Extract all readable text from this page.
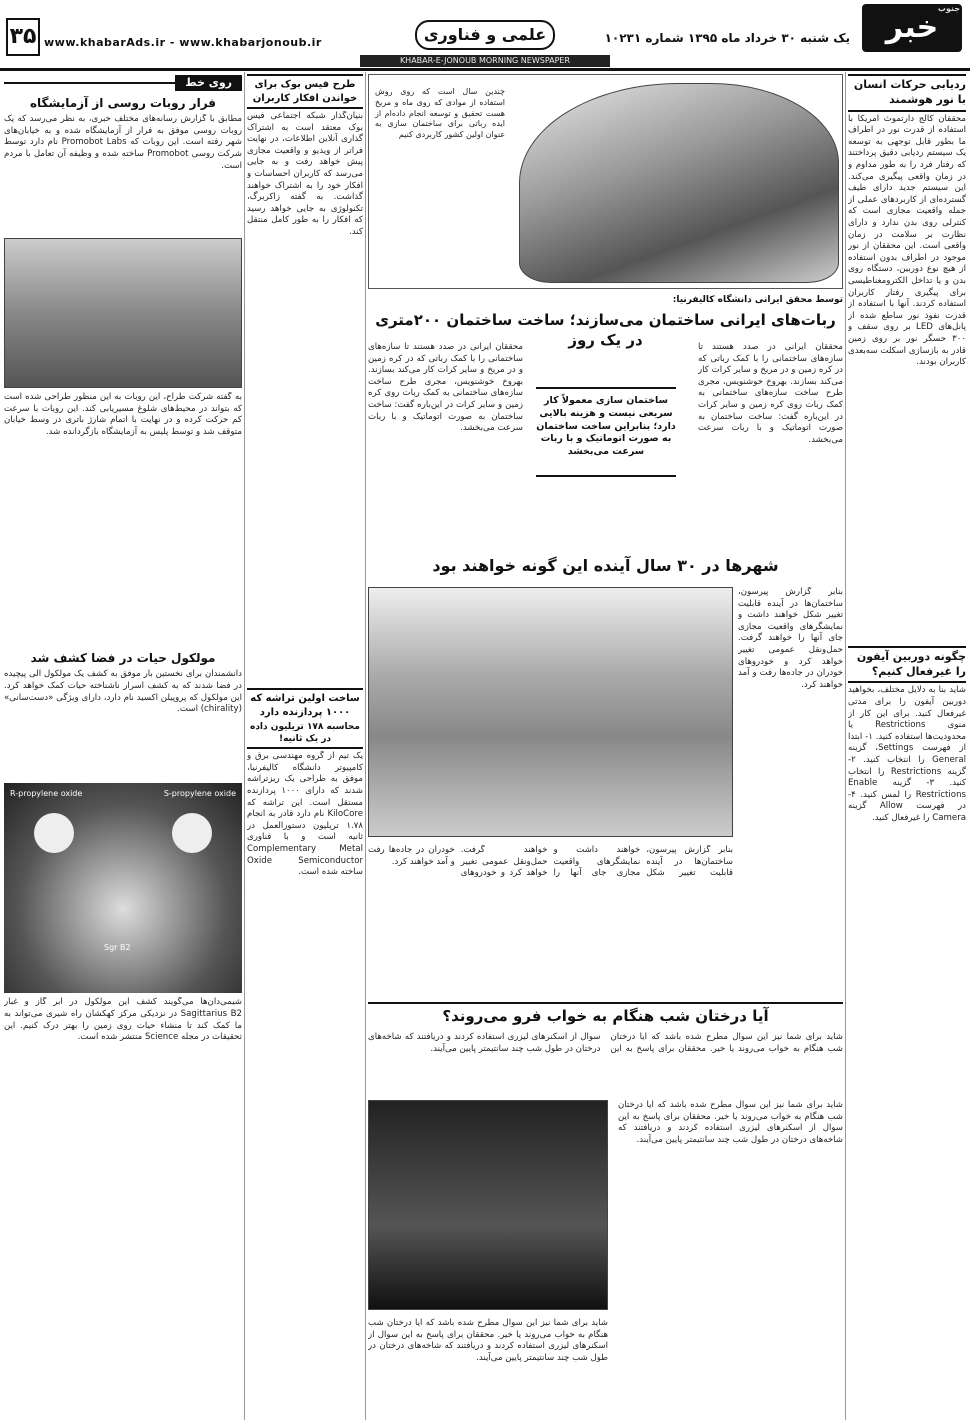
جنوب
خبر
یک شنبه ۳۰ خرداد ماه ۱۳۹۵ شماره ۱۰۲۳۱
علمی و فناوری
www.khabarAds.ir - www.khabarjonoub.ir
۳۵
KHABAR-E-JONOUB MORNING NEWSPAPER
ردیابی حرکات انسان با نور هوشمند
محققان کالج دارتموث آمریکا با استفاده از قدرت نور در اطراف ما بطور قابل توجهی به توسعه یک سیستم ردیابی دقیق پرداختند که رفتار فرد را به طور مداوم و در زمان واقعی پیگیری می‌کند. این سیستم جدید دارای طیف گسترده‌ای از کاربردهای عملی از جمله واقعیت مجازی است که کنترلی روی بدن ندارد و دارای نظارت بر سلامت در زمان واقعی است. این محققان از نور موجود در اطراف بدون استفاده از هیچ نوع دوربین، دستگاه روی بدن و یا تداخل الکترومغناطیسی برای پیگیری رفتار کاربران استفاده کردند. آنها با استفاده از قدرت نفوذ نور ساطع شده از پانل‌های LED بر روی سقف و ۳۰۰ حسگر نور بر روی زمین قادر به بازسازی اسکلت سه‌بعدی کاربران بودند.
چگونه دوربین آیفون را غیرفعال کنیم؟
شاید بنا به دلایل مختلف، بخواهید دوربین آیفون را برای مدتی غیرفعال کنید. برای این کار از منوی Restrictions یا محدودیت‌ها استفاده کنید. ۱- ابتدا از فهرست Settings، گزینه General را انتخاب کنید. ۲- گزینه Restrictions را انتخاب کنید. ۳- گزینه Enable Restrictions را لمس کنید. ۴- در فهرست Allow گزینه Camera را غیرفعال کنید.
چندین سال است که روی روش استفاده از موادی که روی ماه و مریخ هست تحقیق و توسعه انجام داده‌ام از ایده رباتی برای ساختمان سازی به عنوان اولین کشور کاربردی کنیم
توسط محقق ایرانی دانشگاه کالیفرنیا:
ربات‌های ایرانی ساختمان می‌سازند؛ ساخت ساختمان ۲۰۰متری در یک روز	محققان ایرانی در صدد هستند تا سازه‌های ساختمانی را با کمک رباتی که در کره زمین و در مریخ و سایر کرات کار می‌کند بسازند. بهروخ خوشنویس، مجری طرح ساخت سازه‌های ساختمانی به کمک ربات روی کره زمین و سایر کرات در این‌باره گفت: ساخت ساختمان به صورت اتوماتیک و با ربات سرعت می‌بخشد.
ساختمان سازی معمولاً کار سریعی نیست و هزینه بالایی دارد؛ بنابراین ساخت ساختمان به صورت اتوماتیک و با ربات سرعت می‌بخشد
محققان ایرانی در صدد هستند تا سازه‌های ساختمانی را با کمک رباتی که در کره زمین و در مریخ و سایر کرات کار می‌کند بسازند. بهروخ خوشنویس، مجری طرح ساخت سازه‌های ساختمانی به کمک ربات روی کره زمین و سایر کرات در این‌باره گفت: ساخت ساختمان به صورت اتوماتیک و با ربات سرعت می‌بخشد.
شهرها در ۳۰ سال آینده این گونه خواهند بود
بنابر گزارش پیرسون، ساختمان‌ها در آینده قابلیت تغییر شکل خواهند داشت و نمایشگرهای واقعیت مجازی جای آنها را خواهند گرفت. حمل‌ونقل عمومی تغییر خواهد کرد و خودروهای خودران در جاده‌ها رفت و آمد خواهند کرد.
بنابر گزارش پیرسون، ساختمان‌ها در آینده قابلیت تغییر شکل خواهند داشت و نمایشگرهای واقعیت مجازی جای آنها را خواهند گرفت. حمل‌ونقل عمومی تغییر خواهد کرد و خودروهای خودران در جاده‌ها رفت و آمد خواهند کرد.
آیا درختان شب هنگام به خواب فرو می‌روند؟
شاید برای شما نیز این سوال مطرح شده باشد که آیا درختان شب هنگام به خواب می‌روند یا خیر. محققان برای پاسخ به این سوال از اسکنرهای لیزری استفاده کردند و دریافتند که شاخه‌های درختان در طول شب چند سانتیمتر پایین می‌آیند.
شاید برای شما نیز این سوال مطرح شده باشد که آیا درختان شب هنگام به خواب می‌روند یا خیر. محققان برای پاسخ به این سوال از اسکنرهای لیزری استفاده کردند و دریافتند که شاخه‌های درختان در طول شب چند سانتیمتر پایین می‌آیند.
شاید برای شما نیز این سوال مطرح شده باشد که آیا درختان شب هنگام به خواب می‌روند یا خیر. محققان برای پاسخ به این سوال از اسکنرهای لیزری استفاده کردند و دریافتند که شاخه‌های درختان در طول شب چند سانتیمتر پایین می‌آیند.
طرح فیس بوک برای خواندن افکار کاربران
بنیان‌گذار شبکه اجتماعی فیس بوک معتقد است به اشتراک گذاری آنلاین اطلاعات، در نهایت فراتر از ویدیو و واقعیت مجازی پیش خواهد رفت و به جایی می‌رسد که کاربران احساسات و افکار خود را به اشتراک خواهند گذاشت. به گفته زاکربرگ، تکنولوژی به جایی خواهد رسید که افکار را به طور کامل منتقل کند.
ساخت اولین تراشه که ۱۰۰۰ پردازنده دارد
محاسبه ۱۷۸ تریلیون داده در یک ثانیه!
یک تیم از گروه مهندسی برق و کامپیوتر دانشگاه کالیفرنیا، موفق به طراحی یک ریزتراشه شدند که دارای ۱۰۰۰ پردازنده مستقل است. این تراشه که KiloCore نام دارد قادر به انجام ۱.۷۸ تریلیون دستورالعمل در ثانیه است و با فناوری Complementary Metal Oxide Semiconductor ساخته شده است.
روی خط
فرار روبات روسی از آزمایشگاه
مطابق با گزارش رسانه‌های مختلف خبری، به نظر می‌رسد که یک روبات روسی موفق به فرار از آزمایشگاه شده و به خیابان‌های شهر رفته است. این روبات که Promobot Labs نام دارد توسط شرکت روسی Promobot ساخته شده و وظیفه آن تعامل با مردم است.
به گفته شرکت طراح، این روبات به این منظور طراحی شده است که بتواند در محیط‌های شلوغ مسیریابی کند. این روبات با سرعت کم حرکت کرده و در نهایت با اتمام شارژ باتری در وسط خیابان متوقف شد و توسط پلیس به آزمایشگاه بازگردانده شد.
مولکول حیات در فضا کشف شد
دانشمندان برای نخستین بار موفق به کشف یک مولکول آلی پیچیده در فضا شدند که به کشف اسرار ناشناخته حیات کمک خواهد کرد. این مولکول که پروپیلن اکسید نام دارد، دارای ویژگی «دست‌سانی» (chirality) است.
R-propylene oxide	S-propylene oxide
Sgr B2
شیمی‌دان‌ها می‌گویند کشف این مولکول در ابر گاز و غبار Sagittarius B2 در نزدیکی مرکز کهکشان راه شیری می‌تواند به ما کمک کند تا منشاء حیات روی زمین را بهتر درک کنیم. این تحقیقات در مجله Science منتشر شده است.
